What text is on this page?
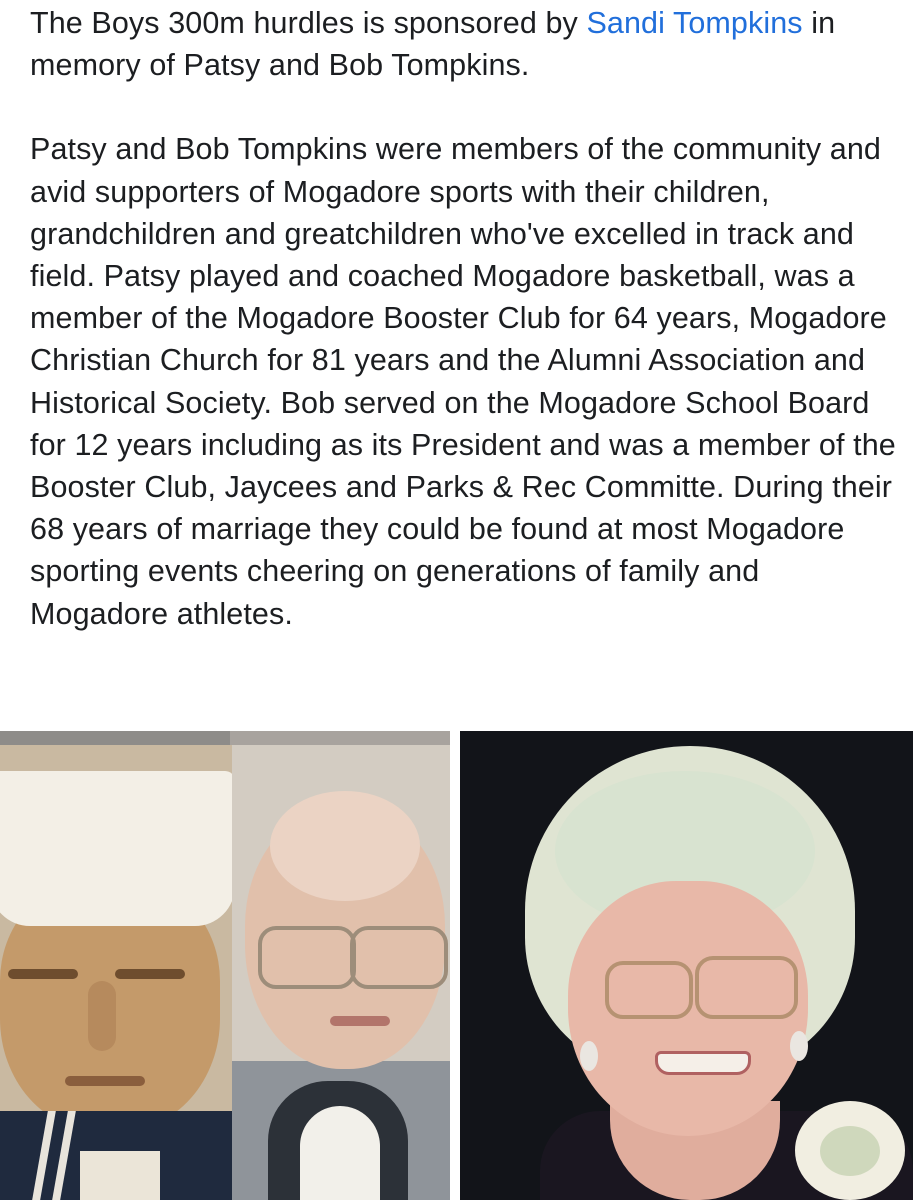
The Boys 300m hurdles is sponsored by Sandi Tompkins in memory of Patsy and Bob Tompkins.

Patsy and Bob Tompkins were members of the community and avid supporters of Mogadore sports with their children, grandchildren and greatchildren who've excelled in track and field. Patsy played and coached Mogadore basketball, was a member of the Mogadore Booster Club for 64 years, Mogadore Christian Church for 81 years and the Alumni Association and Historical Society. Bob served on the Mogadore School Board for 12 years including as its President and was a member of the Booster Club, Jaycees and Parks & Rec Committe. During their 68 years of marriage they could be found at most Mogadore sporting events cheering on generations of family and Mogadore athletes.
